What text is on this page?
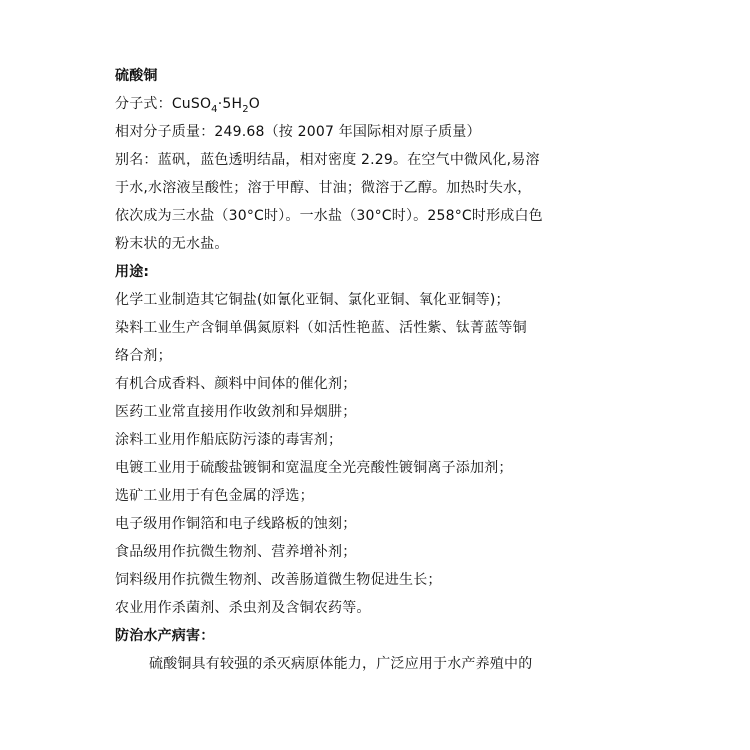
硫酸铜
分子式：$CuSO_4\cdot 5H_2O$
相对分子质量：249.68（按 2007 年国际相对原子质量）
别名：蓝矾，蓝色透明结晶，相对密度 2.29。在空气中微风化,易溶
于水,水溶液呈酸性；溶于甲醇、甘油；微溶于乙醇。加热时失水，
依次成为三水盐（30°C时）。一水盐（30°C时）。258°C时形成白色
粉末状的无水盐。
用途:
化学工业制造其它铜盐(如氰化亚铜、氯化亚铜、氧化亚铜等)；
染料工业生产含铜单偶氮原料（如活性艳蓝、活性紫、钛菁蓝等铜
络合剂；
有机合成香料、颜料中间体的催化剂；
医药工业常直接用作收敛剂和异烟肼；
涂料工业用作船底防污漆的毒害剂；
电镀工业用于硫酸盐镀铜和宽温度全光亮酸性镀铜离子添加剂；
选矿工业用于有色金属的浮选；
电子级用作铜箔和电子线路板的蚀刻；
食品级用作抗微生物剂、营养增补剂；
饲料级用作抗微生物剂、改善肠道微生物促进生长；
农业用作杀菌剂、杀虫剂及含铜农药等。
防治水产病害：
硫酸铜具有较强的杀灭病原体能力，广泛应用于水产养殖中的
